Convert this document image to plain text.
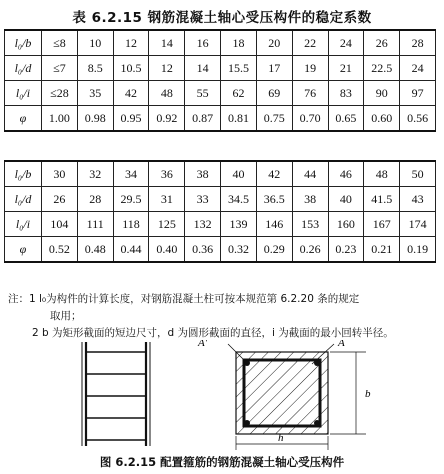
表 6.2.15 钢筋混凝土轴心受压构件的稳定系数
l₀/b	≤8	10	12	14	16	18	20	22	24	26	28
l₀/d	≤7	8.5	10.5	12	14	15.5	17	19	21	22.5	24
l₀/i	≤28	35	42	48	55	62	69	76	83	90	97
φ	1.00	0.98	0.95	0.92	0.87	0.81	0.75	0.70	0.65	0.60	0.56
l₀/b	30	32	34	36	38	40	42	44	46	48	50
l₀/d	26	28	29.5	31	33	34.5	36.5	38	40	41.5	43
l₀/i	104	111	118	125	132	139	146	153	160	167	174
φ	0.52	0.48	0.44	0.40	0.36	0.32	0.29	0.26	0.23	0.21	0.19
注：1 l₀为构件的计算长度，对钢筋混凝土柱可按本规范第 6.2.20 条的规定
取用；
2 b 为矩形截面的短边尺寸，d 为圆形截面的直径，i 为截面的最小回转半径。
A'	A
b
h
图 6.2.15 配置箍筋的钢筋混凝土轴心受压构件
